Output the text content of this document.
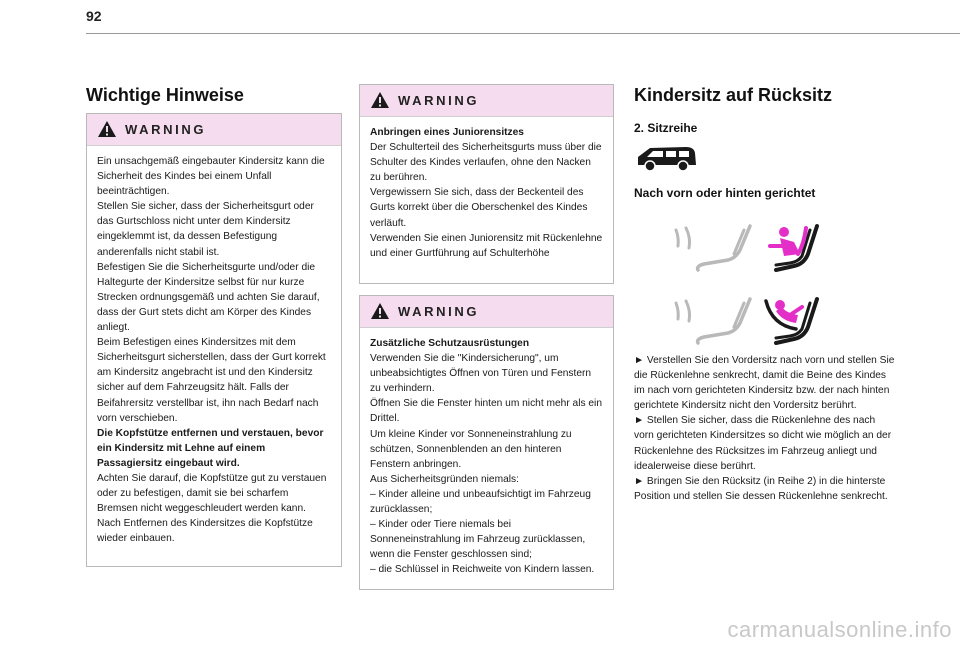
92
Wichtige Hinweise
WARNING

Ein unsachgemäß eingebauter Kindersitz kann die Sicherheit des Kindes bei einem Unfall beeinträchtigen.

Stellen Sie sicher, dass der Sicherheitsgurt oder das Gurtschloss nicht unter dem Kindersitz eingeklemmt ist, da dessen Befestigung anderenfalls nicht stabil ist.

Befestigen Sie die Sicherheitsgurte und/oder die Haltegurte der Kindersitze selbst für nur kurze Strecken ordnungsgemäß und achten Sie darauf, dass der Gurt stets dicht am Körper des Kindes anliegt.

Beim Befestigen eines Kindersitzes mit dem Sicherheitsgurt sicherstellen, dass der Gurt korrekt am Kindersitz angebracht ist und den Kindersitz sicher auf dem Fahrzeugsitz hält. Falls der Beifahrersitz verstellbar ist, ihn nach Bedarf nach vorn verschieben.

Die Kopfstütze entfernen und verstauen, bevor ein Kindersitz mit Lehne auf einem Passagiersitz eingebaut wird.

Achten Sie darauf, die Kopfstütze gut zu verstauen oder zu befestigen, damit sie bei scharfem Bremsen nicht weggeschleudert werden kann. Nach Entfernen des Kindersitzes die Kopfstütze wieder einbauen.

WARNING

Anbringen eines Juniorensitzes

Der Schulterteil des Sicherheitsgurts muss über die Schulter des Kindes verlaufen, ohne den Nacken zu berühren.

Vergewissern Sie sich, dass der Beckenteil des Gurts korrekt über die Oberschenkel des Kindes verläuft.

Verwenden Sie einen Juniorensitz mit Rückenlehne und einer Gurtführung auf Schulterhöhe

WARNING

Zusätzliche Schutzausrüstungen

Verwenden Sie die "Kindersicherung", um unbeabsichtigtes Öffnen von Türen und Fenstern zu verhindern.

Öffnen Sie die Fenster hinten um nicht mehr als ein Drittel.

Um kleine Kinder vor Sonneneinstrahlung zu schützen, Sonnenblenden an den hinteren Fenstern anbringen.

Aus Sicherheitsgründen niemals:

– Kinder alleine und unbeaufsichtigt im Fahrzeug zurücklassen;

– Kinder oder Tiere niemals bei Sonneneinstrahlung im Fahrzeug zurücklassen, wenn die Fenster geschlossen sind;

– die Schlüssel in Reichweite von Kindern lassen.

Kindersitz auf Rücksitz
2. Sitzreihe
Nach vorn oder hinten gerichtet

► Verstellen Sie den Vordersitz nach vorn und stellen Sie die Rückenlehne senkrecht, damit die Beine des Kindes im nach vorn gerichteten Kindersitz bzw. der nach hinten gerichtete Kindersitz nicht den Vordersitz berührt.

► Stellen Sie sicher, dass die Rückenlehne des nach vorn gerichteten Kindersitzes so dicht wie möglich an der Rückenlehne des Rücksitzes im Fahrzeug anliegt und idealerweise diese berührt.

► Bringen Sie den Rücksitz (in Reihe 2) in die hinterste Position und stellen Sie dessen Rückenlehne senkrecht.

carmanualsonline.info
